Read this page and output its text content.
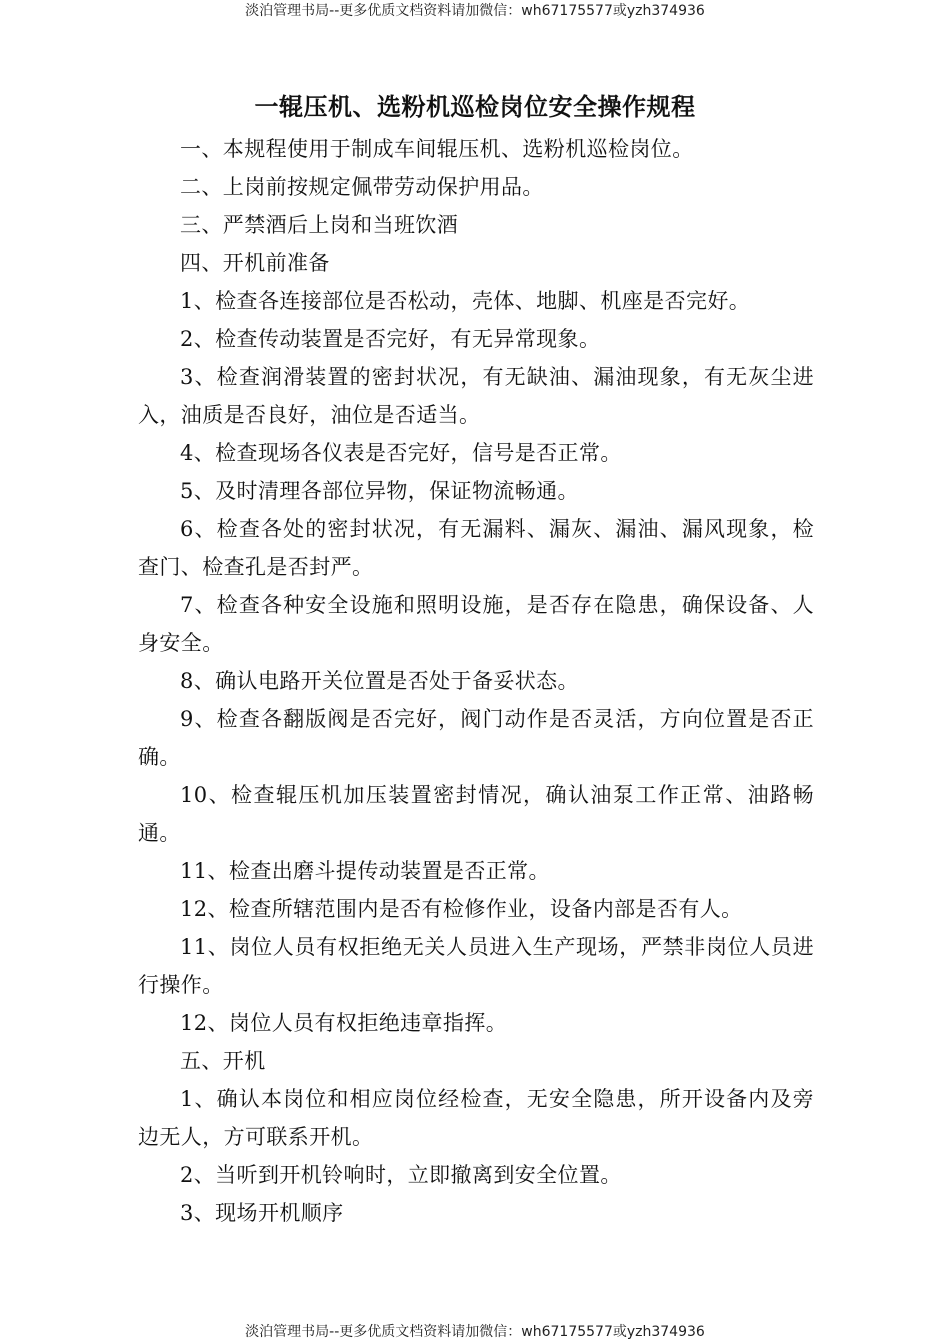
淡泊管理书局--更多优质文档资料请加微信：wh67175577或yzh374936
一辊压机、选粉机巡检岗位安全操作规程

一、本规程使用于制成车间辊压机、选粉机巡检岗位。

二、上岗前按规定佩带劳动保护用品。

三、严禁酒后上岗和当班饮酒

四、开机前准备

1、检查各连接部位是否松动，壳体、地脚、机座是否完好。

2、检查传动装置是否完好，有无异常现象。

3、检查润滑装置的密封状况，有无缺油、漏油现象，有无灰尘进入，油质是否良好，油位是否适当。

4、检查现场各仪表是否完好，信号是否正常。

5、及时清理各部位异物，保证物流畅通。

6、检查各处的密封状况，有无漏料、漏灰、漏油、漏风现象，检查门、检查孔是否封严。

7、检查各种安全设施和照明设施，是否存在隐患，确保设备、人身安全。

8、确认电路开关位置是否处于备妥状态。

9、检查各翻版阀是否完好，阀门动作是否灵活，方向位置是否正确。

10、检查辊压机加压装置密封情况，确认油泵工作正常、油路畅通。

11、检查出磨斗提传动装置是否正常。

12、检查所辖范围内是否有检修作业，设备内部是否有人。

11、岗位人员有权拒绝无关人员进入生产现场，严禁非岗位人员进行操作。

12、岗位人员有权拒绝违章指挥。

五、开机

1、确认本岗位和相应岗位经检查，无安全隐患，所开设备内及旁边无人，方可联系开机。

2、当听到开机铃响时，立即撤离到安全位置。

3、现场开机顺序

淡泊管理书局--更多优质文档资料请加微信：wh67175577或yzh374936
